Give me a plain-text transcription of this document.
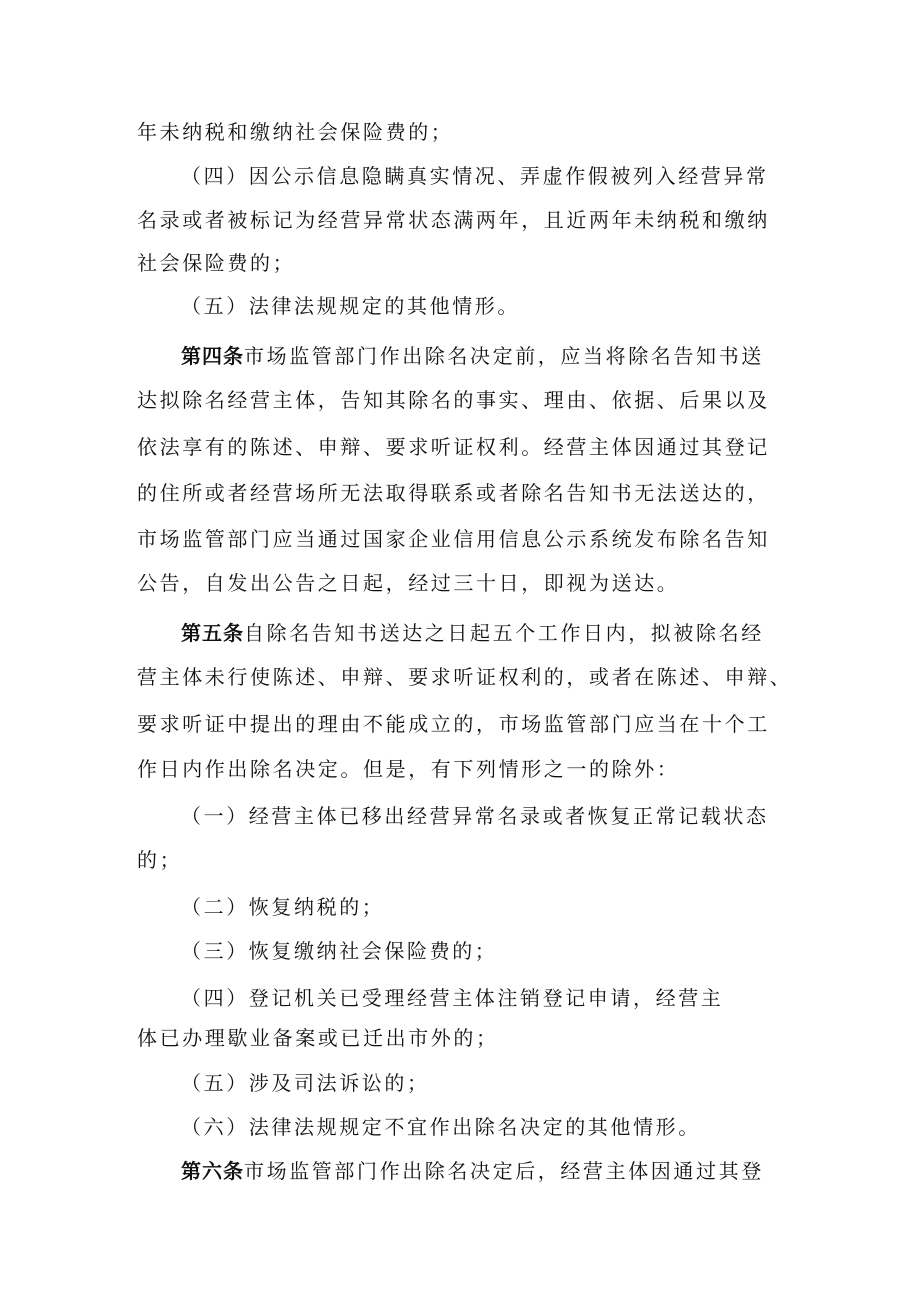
年未纳税和缴纳社会保险费的；
（四）因公示信息隐瞒真实情况、弄虚作假被列入经营异常
名录或者被标记为经营异常状态满两年，且近两年未纳税和缴纳
社会保险费的；
（五）法律法规规定的其他情形。
第四条市场监管部门作出除名决定前，应当将除名告知书送
达拟除名经营主体，告知其除名的事实、理由、依据、后果以及
依法享有的陈述、申辩、要求听证权利。经营主体因通过其登记
的住所或者经营场所无法取得联系或者除名告知书无法送达的，
市场监管部门应当通过国家企业信用信息公示系统发布除名告知
公告，自发出公告之日起，经过三十日，即视为送达。
第五条自除名告知书送达之日起五个工作日内，拟被除名经
营主体未行使陈述、申辩、要求听证权利的，或者在陈述、申辩、
要求听证中提出的理由不能成立的，市场监管部门应当在十个工
作日内作出除名决定。但是，有下列情形之一的除外：
（一）经营主体已移出经营异常名录或者恢复正常记载状态
的；
（二）恢复纳税的；
（三）恢复缴纳社会保险费的；
（四）登记机关已受理经营主体注销登记申请，经营主
体已办理歇业备案或已迁出市外的；
（五）涉及司法诉讼的；
（六）法律法规规定不宜作出除名决定的其他情形。
第六条市场监管部门作出除名决定后，经营主体因通过其登
